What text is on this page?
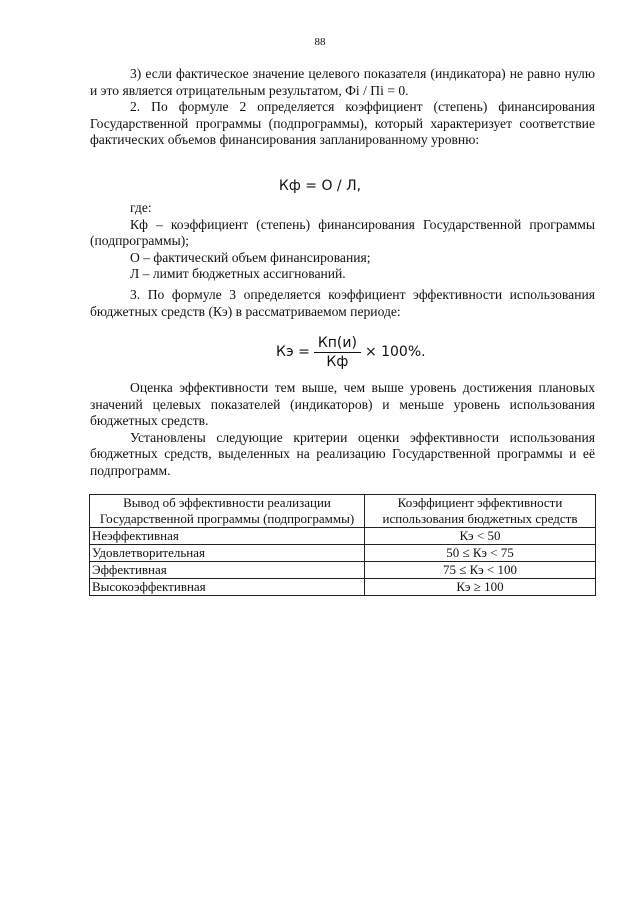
88

3) если фактическое значение целевого показателя (индикатора) не равно нулю и это является отрицательным результатом, Фi / Пi = 0.

2. По формуле 2 определяется коэффициент (степень) финансирования Государственной программы (подпрограммы), который характеризует соответствие фактических объемов финансирования запланированному уровню:

Кф = О / Л,

где:

Кф – коэффициент (степень) финансирования Государственной программы (подпрограммы);

О – фактический объем финансирования;

Л – лимит бюджетных ассигнований.

3. По формуле 3 определяется коэффициент эффективности использования бюджетных средств (Кэ) в рассматриваемом периоде:

Кэ = $\frac{Кп(и)}{Кф} \times 100\%$.

Оценка эффективности тем выше, чем выше уровень достижения плановых значений целевых показателей (индикаторов) и меньше уровень использования бюджетных средств.

Установлены следующие критерии оценки эффективности использования бюджетных средств, выделенных на реализацию Государственной программы и её подпрограмм.

Вывод об эффективности реализации Государственной программы (подпрограммы)	Коэффициент эффективности использования бюджетных средств
Неэффективная	Кэ < 50
Удовлетворительная	50 ≤ Кэ < 75
Эффективная	75 ≤ Кэ < 100
Высокоэффективная	Кэ ≥ 100
